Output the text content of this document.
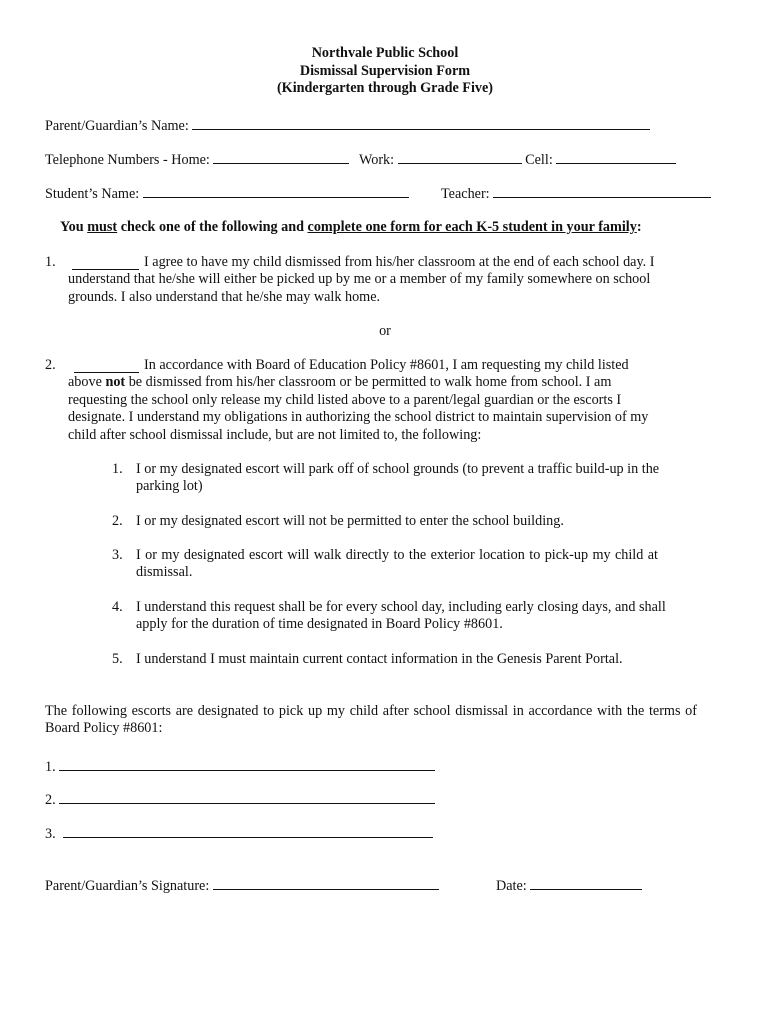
Northvale Public School
Dismissal Supervision Form
(Kindergarten through Grade Five)
Parent/Guardian’s Name:
Telephone Numbers - Home:	Work:	Cell:
Student’s Name:	Teacher:
You must check one of the following and complete one form for each K-5 student in your family:
1.	I agree to have my child dismissed from his/her classroom at the end of each school day. I
understand that he/she will either be picked up by me or a member of my family somewhere on school
grounds. I also understand that he/she may walk home.
or
2.	In accordance with Board of Education Policy #8601, I am requesting my child listed
above not be dismissed from his/her classroom or be permitted to walk home from school. I am
requesting the school only release my child listed above to a parent/legal guardian or the escorts I
designate. I understand my obligations in authorizing the school district to maintain supervision of my
child after school dismissal include, but are not limited to, the following:
1. I or my designated escort will park off of school grounds (to prevent a traffic build-up in the parking lot)
2. I or my designated escort will not be permitted to enter the school building.
3. I or my designated escort will walk directly to the exterior location to pick-up my child at dismissal.
4. I understand this request shall be for every school day, including early closing days, and shall apply for the duration of time designated in Board Policy #8601.
5. I understand I must maintain current contact information in the Genesis Parent Portal.
The following escorts are designated to pick up my child after school dismissal in accordance with the terms of Board Policy #8601:
1.
2.
3.
Parent/Guardian’s Signature:	Date:
